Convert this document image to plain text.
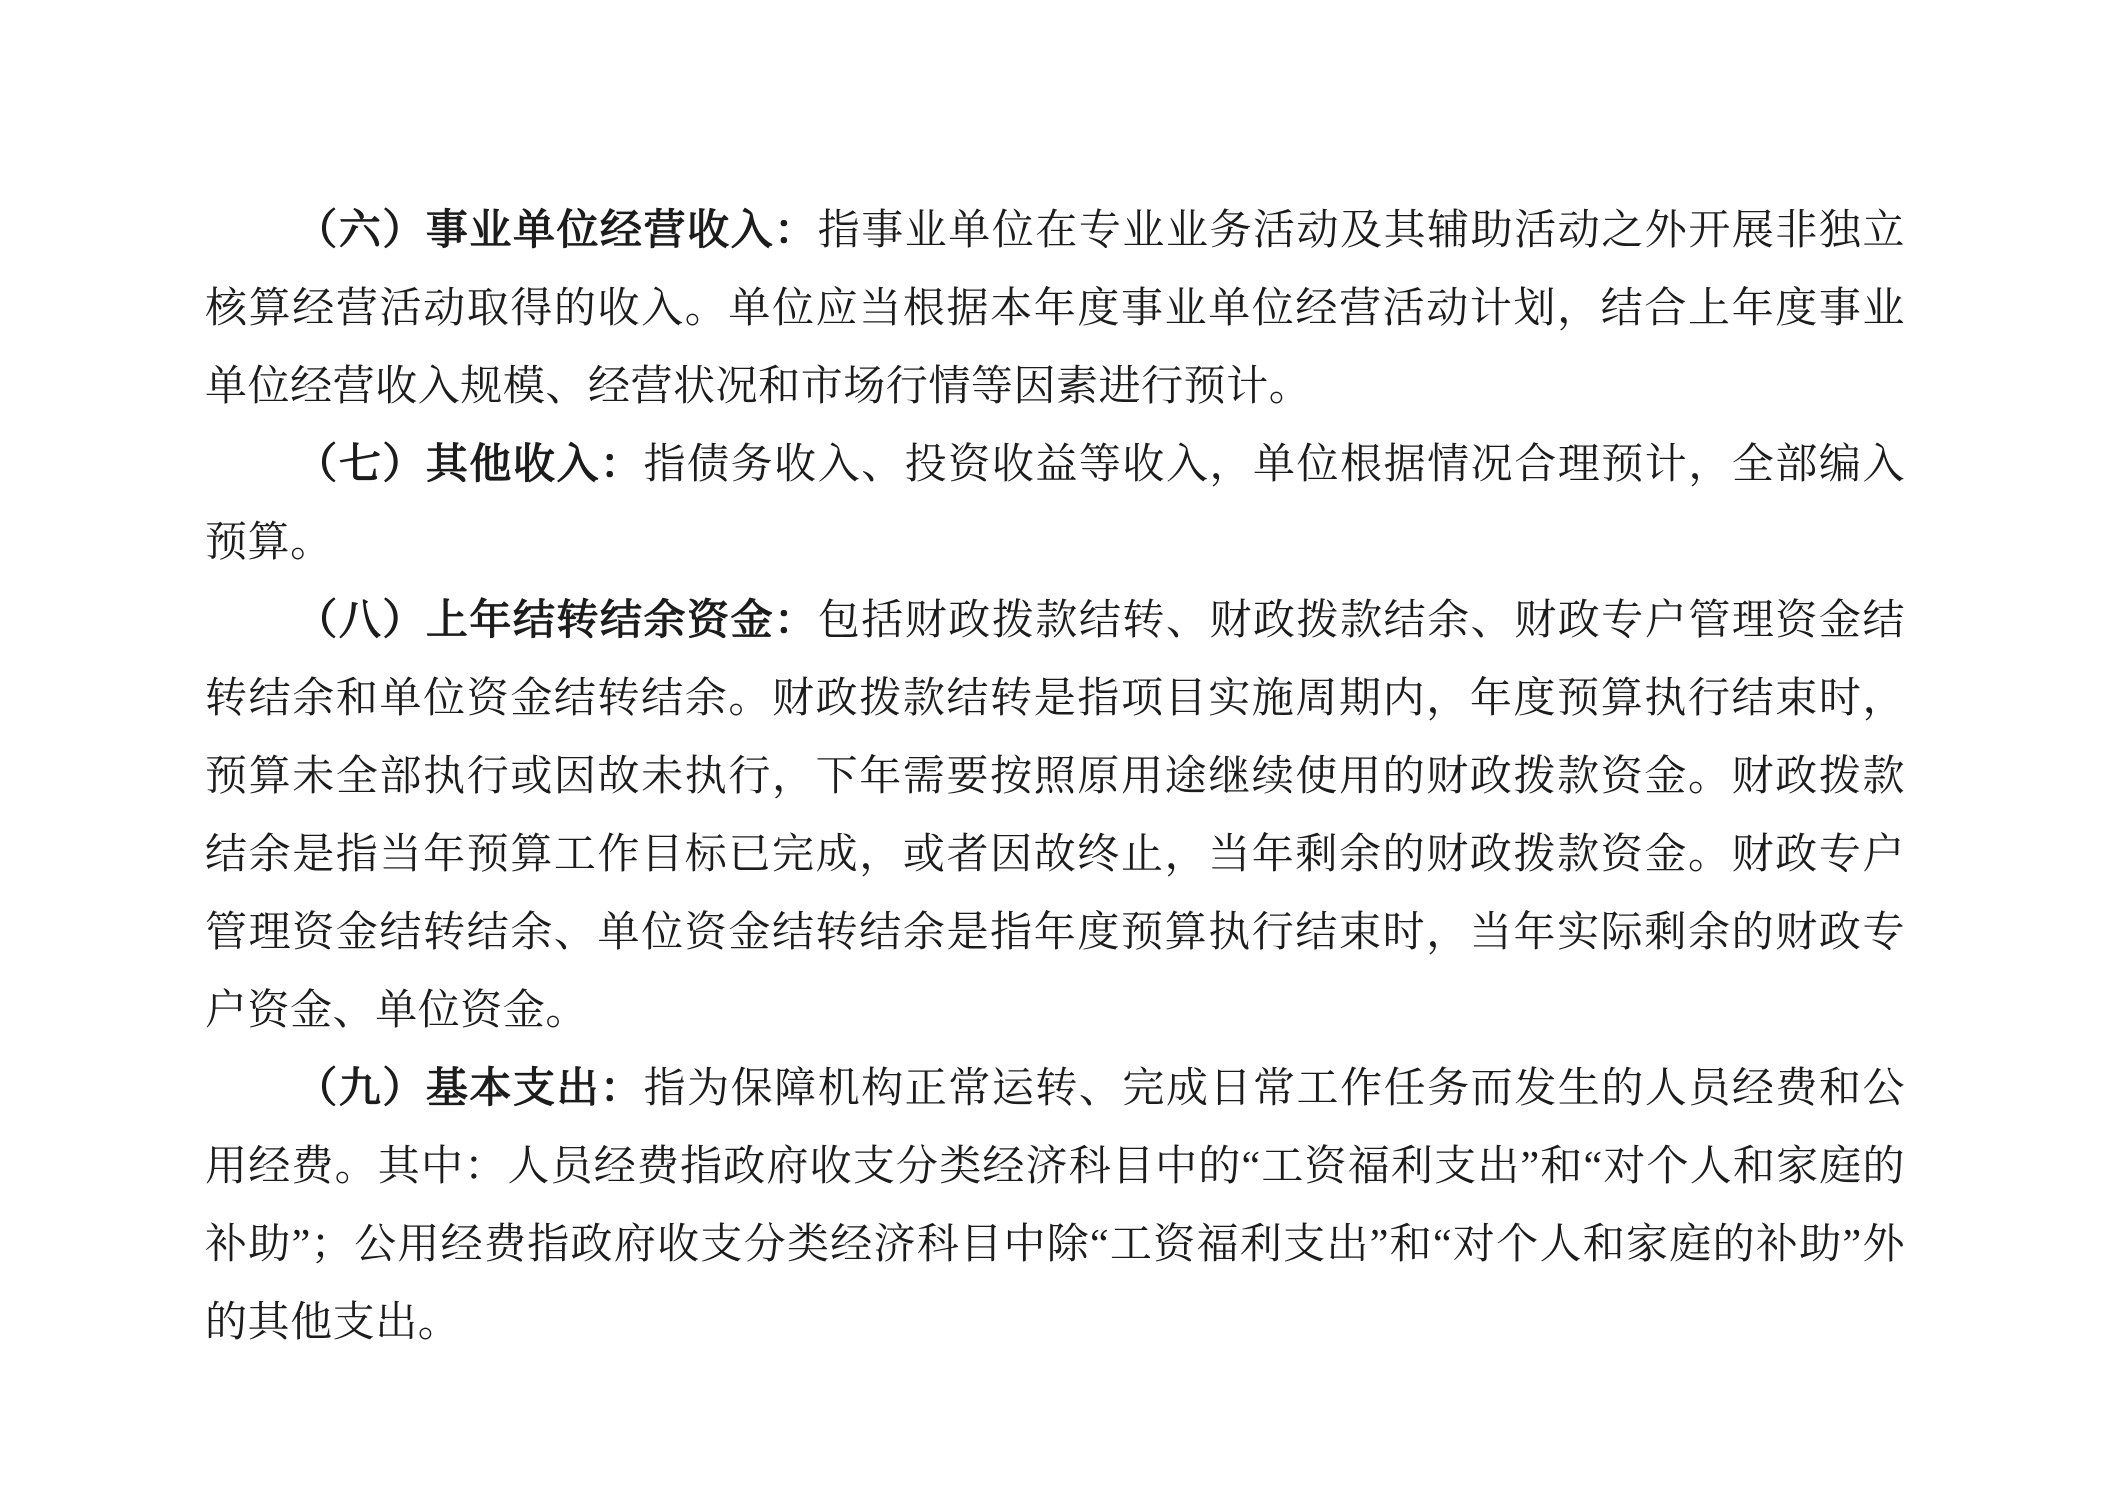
（六）事业单位经营收入：指事业单位在专业业务活动及其辅助活动之外开展非独立核算经营活动取得的收入。单位应当根据本年度事业单位经营活动计划，结合上年度事业单位经营收入规模、经营状况和市场行情等因素进行预计。

（七）其他收入：指债务收入、投资收益等收入，单位根据情况合理预计，全部编入预算。

（八）上年结转结余资金：包括财政拨款结转、财政拨款结余、财政专户管理资金结转结余和单位资金结转结余。财政拨款结转是指项目实施周期内，年度预算执行结束时，预算未全部执行或因故未执行，下年需要按照原用途继续使用的财政拨款资金。财政拨款结余是指当年预算工作目标已完成，或者因故终止，当年剩余的财政拨款资金。财政专户管理资金结转结余、单位资金结转结余是指年度预算执行结束时，当年实际剩余的财政专户资金、单位资金。

（九）基本支出：指为保障机构正常运转、完成日常工作任务而发生的人员经费和公用经费。其中：人员经费指政府收支分类经济科目中的“工资福利支出”和“对个人和家庭的补助”；公用经费指政府收支分类经济科目中除“工资福利支出”和“对个人和家庭的补助”外的其他支出。
